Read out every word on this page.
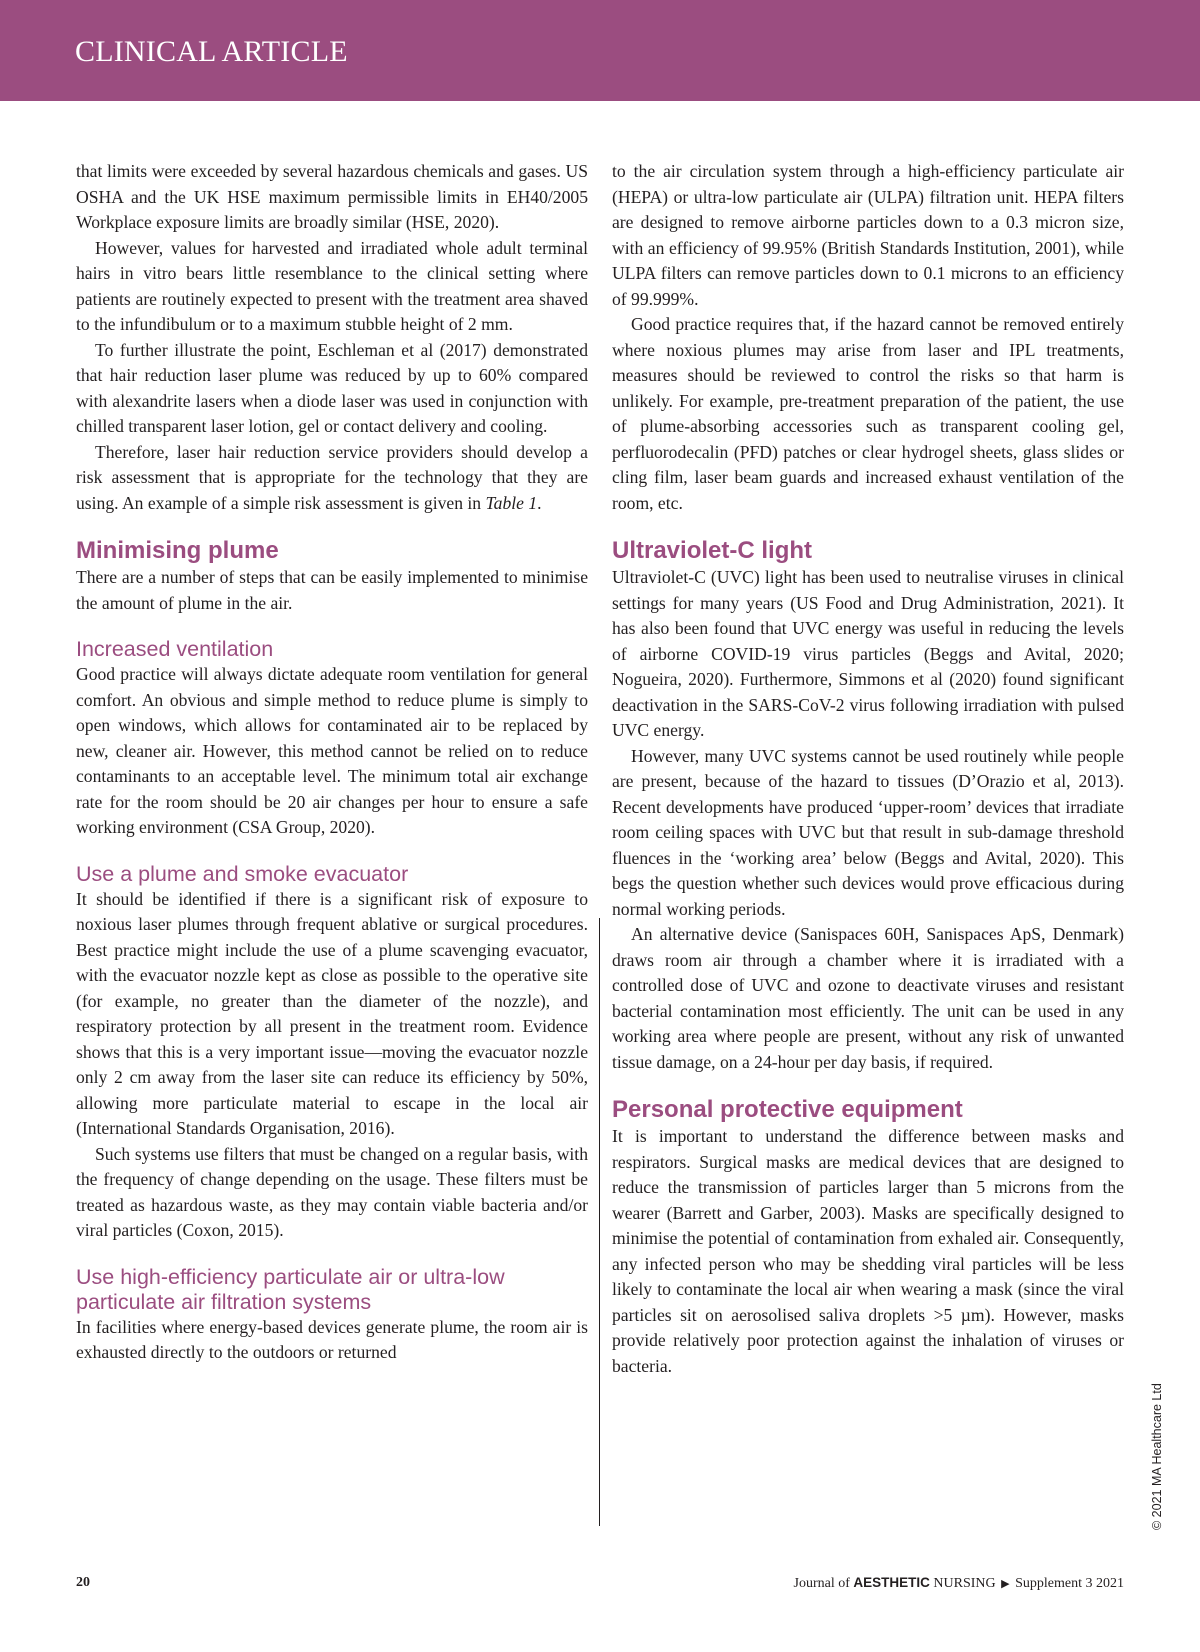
CLINICAL ARTICLE

that limits were exceeded by several hazardous chemicals and gases. US OSHA and the UK HSE maximum permissible limits in EH40/2005 Workplace exposure limits are broadly similar (HSE, 2020).

However, values for harvested and irradiated whole adult terminal hairs in vitro bears little resemblance to the clinical setting where patients are routinely expected to present with the treatment area shaved to the infundibulum or to a maximum stubble height of 2 mm.

To further illustrate the point, Eschleman et al (2017) demonstrated that hair reduction laser plume was reduced by up to 60% compared with alexandrite lasers when a diode laser was used in conjunction with chilled transparent laser lotion, gel or contact delivery and cooling.

Therefore, laser hair reduction service providers should develop a risk assessment that is appropriate for the technology that they are using. An example of a simple risk assessment is given in Table 1.

Minimising plume

There are a number of steps that can be easily implemented to minimise the amount of plume in the air.

Increased ventilation

Good practice will always dictate adequate room ventilation for general comfort. An obvious and simple method to reduce plume is simply to open windows, which allows for contaminated air to be replaced by new, cleaner air. However, this method cannot be relied on to reduce contaminants to an acceptable level. The minimum total air exchange rate for the room should be 20 air changes per hour to ensure a safe working environment (CSA Group, 2020).

Use a plume and smoke evacuator

It should be identified if there is a significant risk of exposure to noxious laser plumes through frequent ablative or surgical procedures. Best practice might include the use of a plume scavenging evacuator, with the evacuator nozzle kept as close as possible to the operative site (for example, no greater than the diameter of the nozzle), and respiratory protection by all present in the treatment room. Evidence shows that this is a very important issue—moving the evacuator nozzle only 2 cm away from the laser site can reduce its efficiency by 50%, allowing more particulate material to escape in the local air (International Standards Organisation, 2016).

Such systems use filters that must be changed on a regular basis, with the frequency of change depending on the usage. These filters must be treated as hazardous waste, as they may contain viable bacteria and/or viral particles (Coxon, 2015).

Use high-efficiency particulate air or ultra-low particulate air filtration systems

In facilities where energy-based devices generate plume, the room air is exhausted directly to the outdoors or returned

to the air circulation system through a high-efficiency particulate air (HEPA) or ultra-low particulate air (ULPA) filtration unit. HEPA filters are designed to remove airborne particles down to a 0.3 micron size, with an efficiency of 99.95% (British Standards Institution, 2001), while ULPA filters can remove particles down to 0.1 microns to an efficiency of 99.999%.

Good practice requires that, if the hazard cannot be removed entirely where noxious plumes may arise from laser and IPL treatments, measures should be reviewed to control the risks so that harm is unlikely. For example, pre-treatment preparation of the patient, the use of plume-absorbing accessories such as transparent cooling gel, perfluorodecalin (PFD) patches or clear hydrogel sheets, glass slides or cling film, laser beam guards and increased exhaust ventilation of the room, etc.

Ultraviolet-C light

Ultraviolet-C (UVC) light has been used to neutralise viruses in clinical settings for many years (US Food and Drug Administration, 2021). It has also been found that UVC energy was useful in reducing the levels of airborne COVID-19 virus particles (Beggs and Avital, 2020; Nogueira, 2020). Furthermore, Simmons et al (2020) found significant deactivation in the SARS-CoV-2 virus following irradiation with pulsed UVC energy.

However, many UVC systems cannot be used routinely while people are present, because of the hazard to tissues (D’Orazio et al, 2013). Recent developments have produced ‘upper-room’ devices that irradiate room ceiling spaces with UVC but that result in sub-damage threshold fluences in the ‘working area’ below (Beggs and Avital, 2020). This begs the question whether such devices would prove efficacious during normal working periods.

An alternative device (Sanispaces 60H, Sanispaces ApS, Denmark) draws room air through a chamber where it is irradiated with a controlled dose of UVC and ozone to deactivate viruses and resistant bacterial contamination most efficiently. The unit can be used in any working area where people are present, without any risk of unwanted tissue damage, on a 24-hour per day basis, if required.

Personal protective equipment

It is important to understand the difference between masks and respirators. Surgical masks are medical devices that are designed to reduce the transmission of particles larger than 5 microns from the wearer (Barrett and Garber, 2003). Masks are specifically designed to minimise the potential of contamination from exhaled air. Consequently, any infected person who may be shedding viral particles will be less likely to contaminate the local air when wearing a mask (since the viral particles sit on aerosolised saliva droplets >5 µm). However, masks provide relatively poor protection against the inhalation of viruses or bacteria.

© 2021 MA Healthcare Ltd
20	Journal of AESTHETIC NURSING ▶ Supplement 3 2021
